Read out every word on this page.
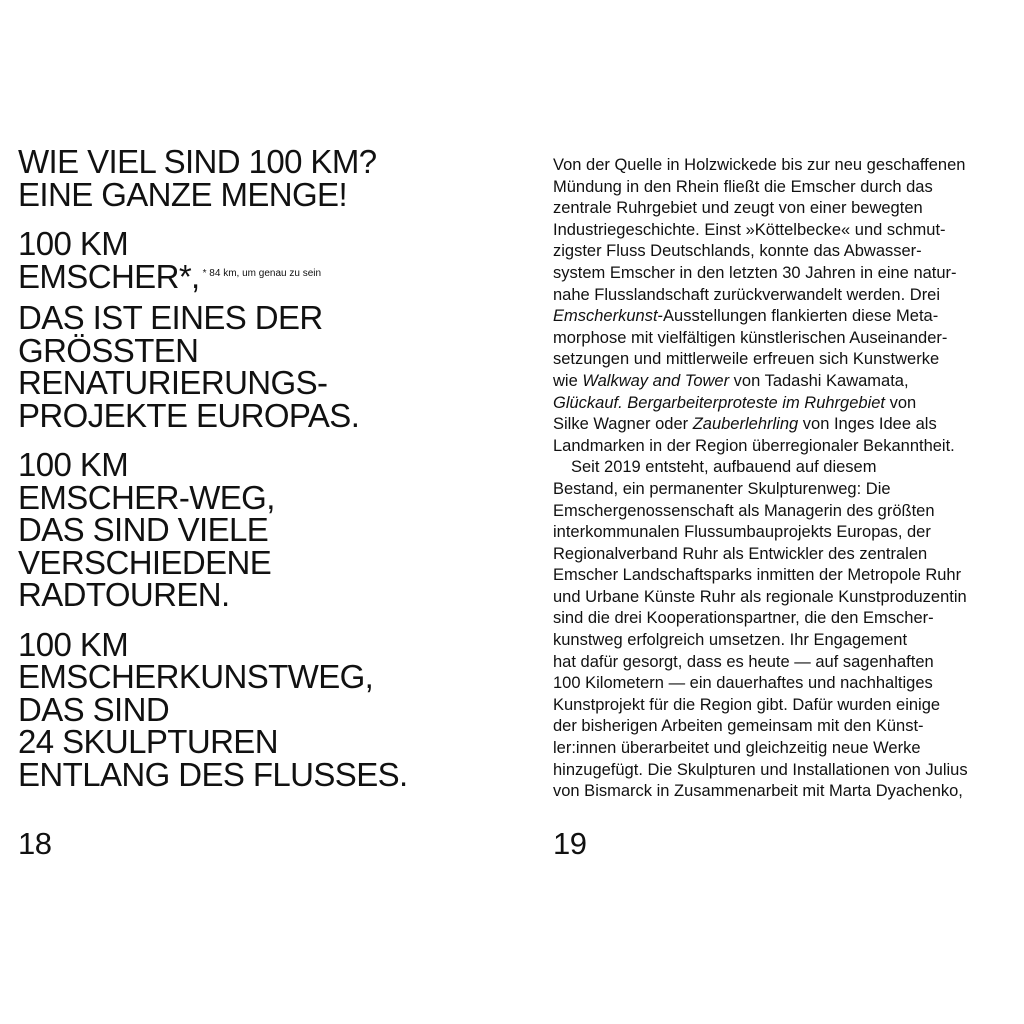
WIE VIEL SIND 100 KM?
EINE GANZE MENGE!
100 KM
EMSCHER*, $^{* 84 km, um genau zu sein}$
DAS IST EINES DER
GRÖSSTEN
RENATURIERUNGS-
PROJEKTE EUROPAS.
100 KM
EMSCHER-WEG,
DAS SIND VIELE
VERSCHIEDENE
RADTOUREN.
100 KM
EMSCHERKUNSTWEG,
DAS SIND
24 SKULPTUREN
ENTLANG DES FLUSSES.
18
Von der Quelle in Holzwickede bis zur neu geschaffenen
Mündung in den Rhein fließt die Emscher durch das
zentrale Ruhrgebiet und zeugt von einer bewegten
Industriegeschichte. Einst »Köttelbecke« und schmut-
zigster Fluss Deutschlands, konnte das Abwasser-
system Emscher in den letzten 30 Jahren in eine natur-
nahe Flusslandschaft zurückverwandelt werden. Drei
Emscherkunst-Ausstellungen flankierten diese Meta-
morphose mit vielfältigen künstlerischen Auseinander-
setzungen und mittlerweile erfreuen sich Kunstwerke
wie Walkway and Tower von Tadashi Kawamata,
Glückauf. Bergarbeiterproteste im Ruhrgebiet von
Silke Wagner oder Zauberlehrling von Inges Idee als
Landmarken in der Region überregionaler Bekanntheit.
Seit 2019 entsteht, aufbauend auf diesem
Bestand, ein permanenter Skulpturenweg: Die
Emschergenossenschaft als Managerin des größten
interkommunalen Flussumbauprojekts Europas, der
Regionalverband Ruhr als Entwickler des zentralen
Emscher Landschaftsparks inmitten der Metropole Ruhr
und Urbane Künste Ruhr als regionale Kunstproduzentin
sind die drei Kooperationspartner, die den Emscher-
kunstweg erfolgreich umsetzen. Ihr Engagement
hat dafür gesorgt, dass es heute — auf sagenhaften
100 Kilometern — ein dauerhaftes und nachhaltiges
Kunstprojekt für die Region gibt. Dafür wurden einige
der bisherigen Arbeiten gemeinsam mit den Künst-
ler:innen überarbeitet und gleichzeitig neue Werke
hinzugefügt. Die Skulpturen und Installationen von Julius
von Bismarck in Zusammenarbeit mit Marta Dyachenko,
19
